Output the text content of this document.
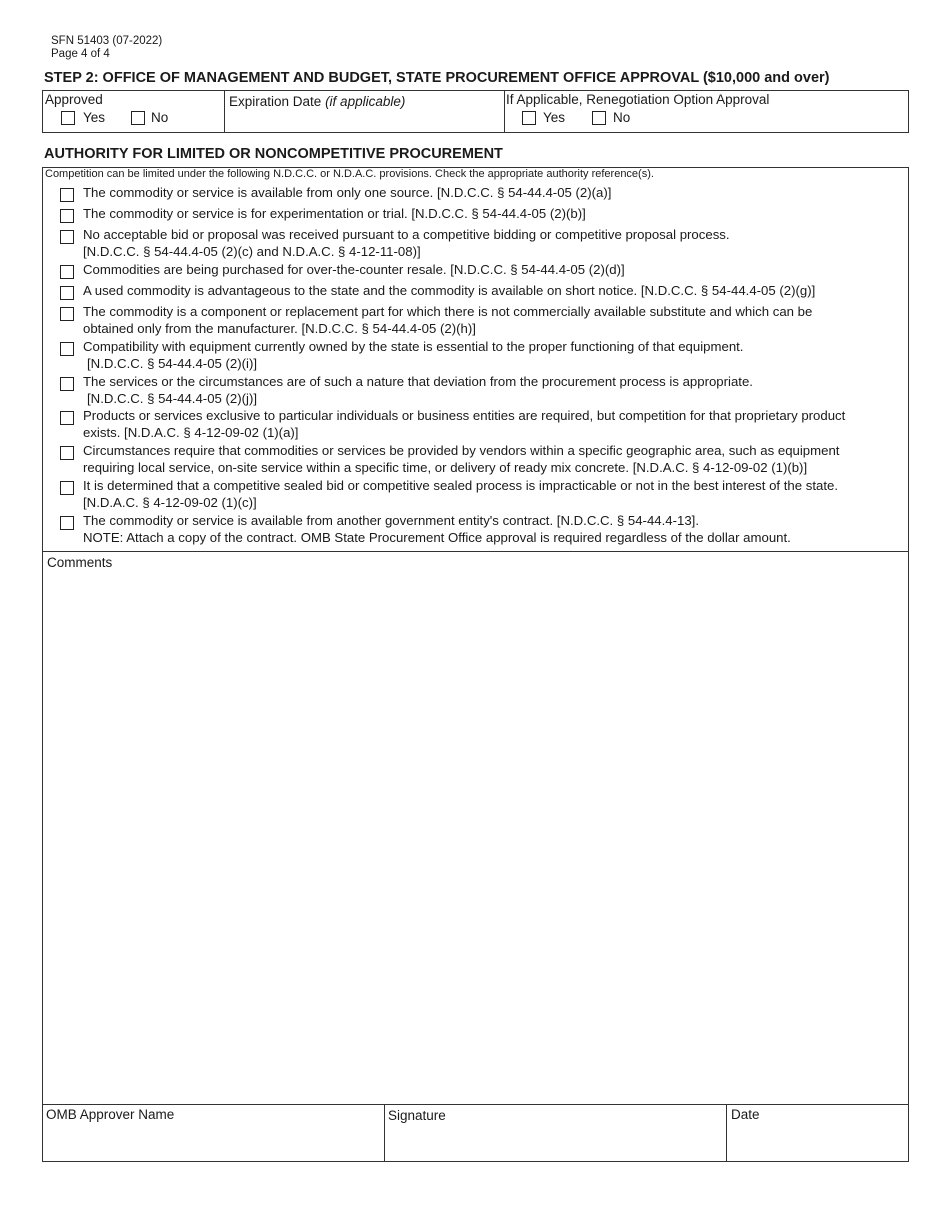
SFN 51403 (07-2022)
Page 4 of 4
STEP 2: OFFICE OF MANAGEMENT AND BUDGET, STATE PROCUREMENT OFFICE APPROVAL ($10,000 and over)
Approved
Yes	No
Expiration Date (if applicable)	If Applicable, Renegotiation Option Approval
Yes	No
AUTHORITY FOR LIMITED OR NONCOMPETITIVE PROCUREMENT
Competition can be limited under the following N.D.C.C. or N.D.A.C. provisions. Check the appropriate authority reference(s).
The commodity or service is available from only one source. [N.D.C.C. § 54-44.4-05 (2)(a)]
The commodity or service is for experimentation or trial. [N.D.C.C. § 54-44.4-05 (2)(b)]
No acceptable bid or proposal was received pursuant to a competitive bidding or competitive proposal process.
[N.D.C.C. § 54-44.4-05 (2)(c) and N.D.A.C. § 4-12-11-08)]
Commodities are being purchased for over-the-counter resale. [N.D.C.C. § 54-44.4-05 (2)(d)]
A used commodity is advantageous to the state and the commodity is available on short notice. [N.D.C.C. § 54-44.4-05 (2)(g)]
The commodity is a component or replacement part for which there is not commercially available substitute and which can be
obtained only from the manufacturer. [N.D.C.C. § 54-44.4-05 (2)(h)]
Compatibility with equipment currently owned by the state is essential to the proper functioning of that equipment.
[N.D.C.C. § 54-44.4-05 (2)(i)]
The services or the circumstances are of such a nature that deviation from the procurement process is appropriate.
[N.D.C.C. § 54-44.4-05 (2)(j)]
Products or services exclusive to particular individuals or business entities are required, but competition for that proprietary product
exists. [N.D.A.C. § 4-12-09-02 (1)(a)]
Circumstances require that commodities or services be provided by vendors within a specific geographic area, such as equipment
requiring local service, on-site service within a specific time, or delivery of ready mix concrete. [N.D.A.C. § 4-12-09-02 (1)(b)]
It is determined that a competitive sealed bid or competitive sealed process is impracticable or not in the best interest of the state.
[N.D.A.C. § 4-12-09-02 (1)(c)]
The commodity or service is available from another government entity's contract. [N.D.C.C. § 54-44.4-13].
NOTE: Attach a copy of the contract. OMB State Procurement Office approval is required regardless of the dollar amount.
Comments
OMB Approver Name	Signature	Date
